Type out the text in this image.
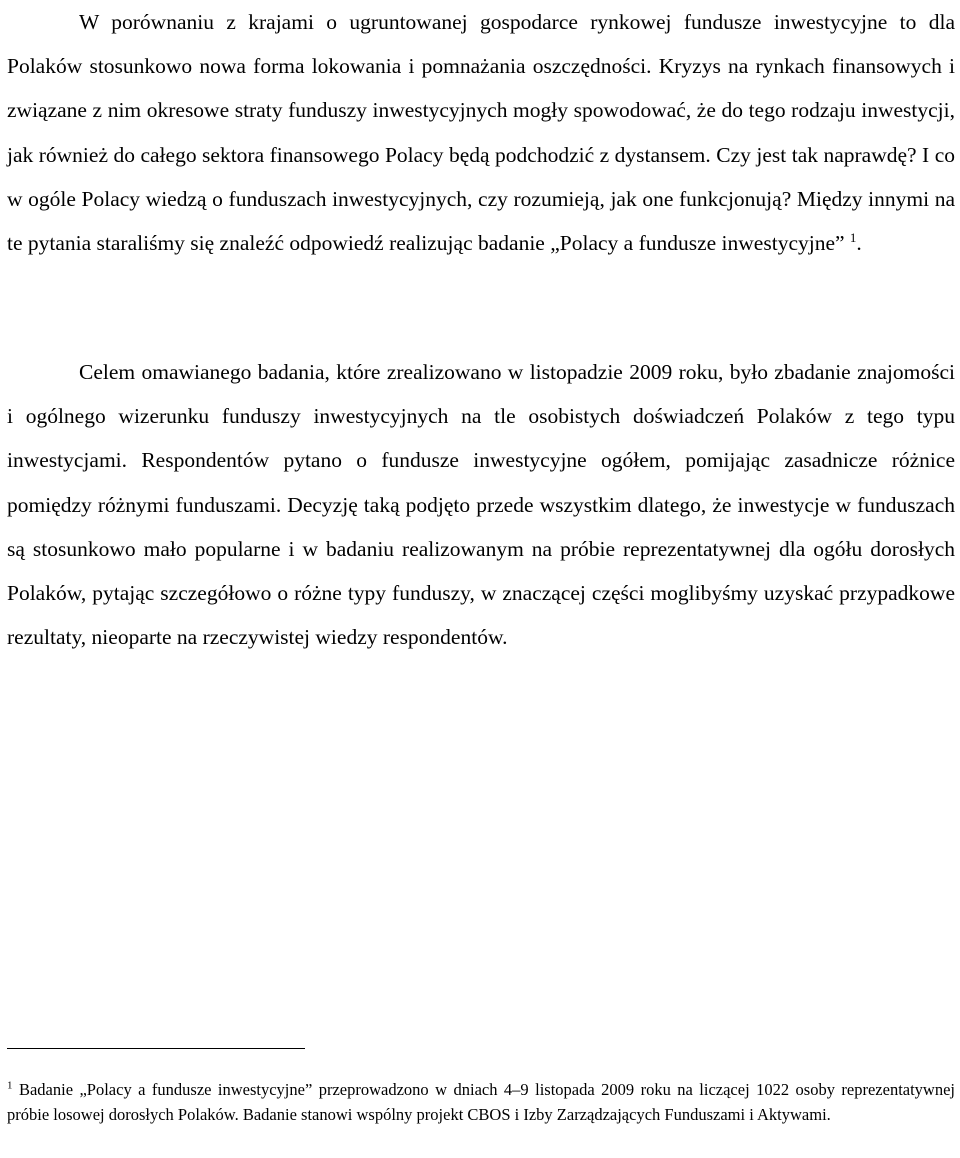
W porównaniu z krajami o ugruntowanej gospodarce rynkowej fundusze inwestycyjne to dla Polaków stosunkowo nowa forma lokowania i pomnażania oszczędności. Kryzys na rynkach finansowych i związane z nim okresowe straty funduszy inwestycyjnych mogły spowodować, że do tego rodzaju inwestycji, jak również do całego sektora finansowego Polacy będą podchodzić z dystansem. Czy jest tak naprawdę? I co w ogóle Polacy wiedzą o funduszach inwestycyjnych, czy rozumieją, jak one funkcjonują? Między innymi na te pytania staraliśmy się znaleźć odpowiedź realizując badanie „Polacy a fundusze inwestycyjne” $^1$.

Celem omawianego badania, które zrealizowano w listopadzie 2009 roku, było zbadanie znajomości i ogólnego wizerunku funduszy inwestycyjnych na tle osobistych doświadczeń Polaków z tego typu inwestycjami. Respondentów pytano o fundusze inwestycyjne ogółem, pomijając zasadnicze różnice pomiędzy różnymi funduszami. Decyzję taką podjęto przede wszystkim dlatego, że inwestycje w funduszach są stosunkowo mało popularne i w badaniu realizowanym na próbie reprezentatywnej dla ogółu dorosłych Polaków, pytając szczegółowo o różne typy funduszy, w znaczącej części moglibyśmy uzyskać przypadkowe rezultaty, nieoparte na rzeczywistej wiedzy respondentów.

$^1$ Badanie „Polacy a fundusze inwestycyjne” przeprowadzono w dniach 4–9 listopada 2009 roku na liczącej 1022 osoby reprezentatywnej próbie losowej dorosłych Polaków. Badanie stanowi wspólny projekt CBOS i Izby Zarządzających Funduszami i Aktywami.
